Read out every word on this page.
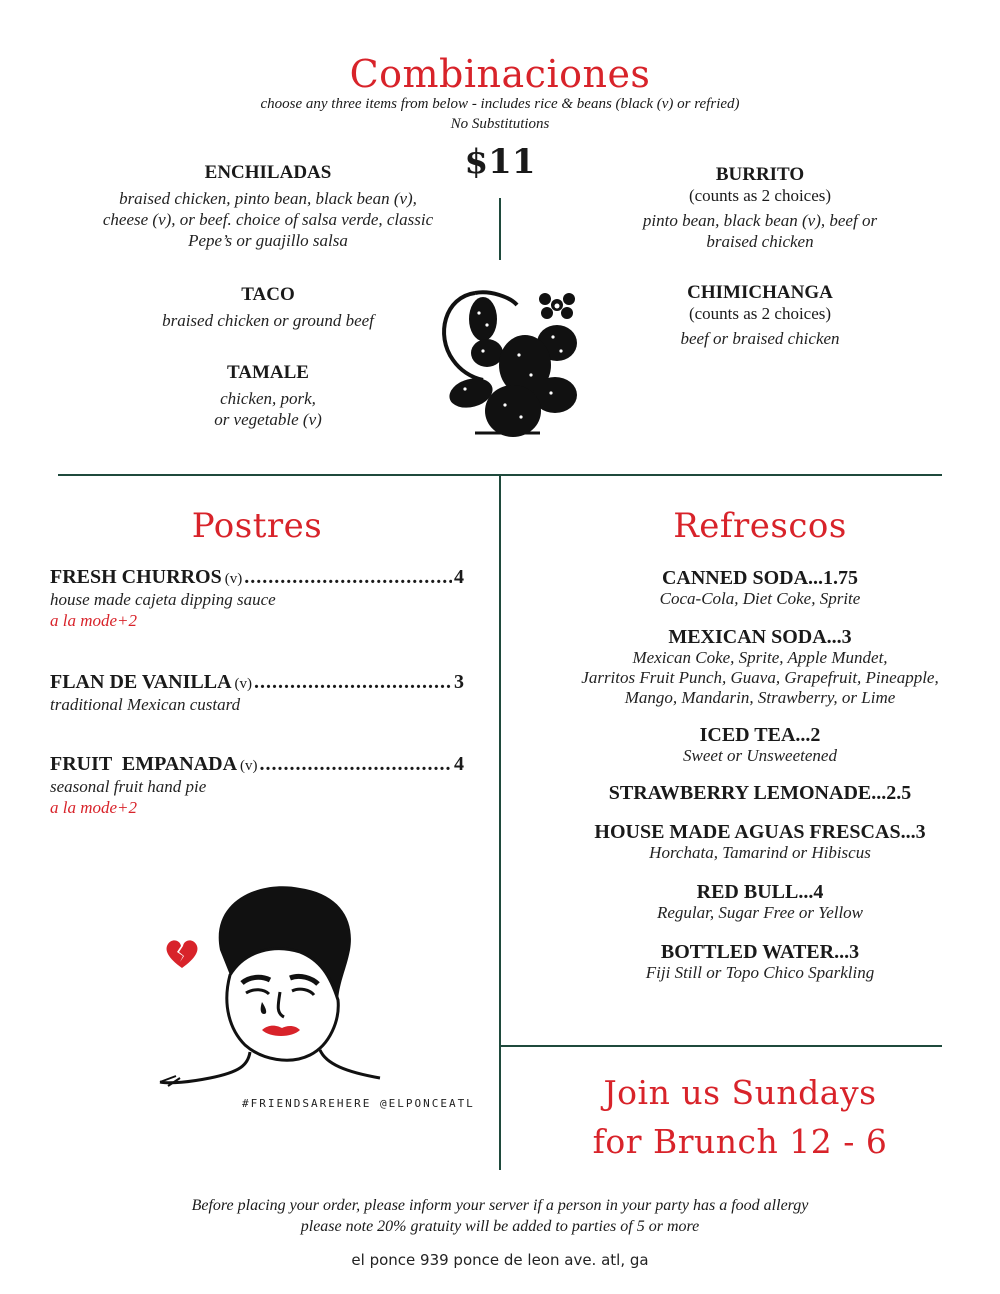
Combinaciones
choose any three items from below - includes rice & beans (black (v) or refried)
No Substitutions
$11
ENCHILADAS
braised chicken, pinto bean, black bean (v),
cheese (v), or beef. choice of salsa verde, classic
Pepe’s or guajillo salsa
TACO
braised chicken or ground beef
TAMALE
chicken, pork,
or vegetable (v)
BURRITO
(counts as 2 choices)
pinto bean, black bean (v), beef or
braised chicken
CHIMICHANGA
(counts as 2 choices)
beef or braised chicken
Postres
FRESH CHURROS (v) .....	4
house made cajeta dipping sauce
a la mode+2
FLAN DE VANILLA (v) .....	3
traditional Mexican custard
FRUIT  EMPANADA (v) .....	4
seasonal fruit hand pie
a la mode+2
#FRIENDSAREHERE @ELPONCEATL
Refrescos
CANNED SODA...1.75
Coca-Cola, Diet Coke, Sprite
MEXICAN SODA...3
Mexican Coke, Sprite, Apple Mundet,
Jarritos Fruit Punch, Guava, Grapefruit, Pineapple,
Mango, Mandarin, Strawberry, or Lime
ICED TEA...2
Sweet or Unsweetened
STRAWBERRY LEMONADE...2.5
HOUSE MADE AGUAS FRESCAS...3
Horchata, Tamarind or Hibiscus
RED BULL...4
Regular, Sugar Free or Yellow
BOTTLED WATER...3
Fiji Still or Topo Chico Sparkling
Join us Sundays
for Brunch 12 - 6
Before placing your order, please inform your server if a person in your party has a food allergy
please note 20% gratuity will be added to parties of 5 or more
el ponce 939 ponce de leon ave. atl, ga
